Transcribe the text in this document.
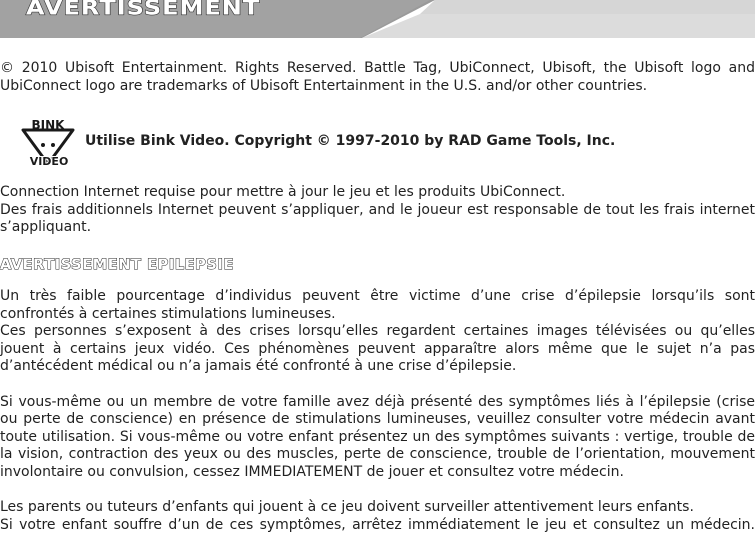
AVERTISSEMENT

© 2010 Ubisoft Entertainment. Rights Reserved. Battle Tag, UbiConnect, Ubisoft, the Ubisoft logo and UbiConnect logo are trademarks of Ubisoft Entertainment in the U.S. and/or other countries.

BINK
VIDEO
Utilise Bink Video. Copyright © 1997-2010 by RAD Game Tools, Inc.

Connection Internet requise pour mettre à jour le jeu et les produits UbiConnect.

Des frais additionnels Internet peuvent s’appliquer, and le joueur est responsable de tout les frais internet s’appliquant.

AVERTISSEMENT EPILEPSIE

Un très faible pourcentage d’individus peuvent être victime d’une crise d’épilepsie lorsqu’ils sont confrontés à certaines stimulations lumineuses.

Ces personnes s’exposent à des crises lorsqu’elles regardent certaines images télévisées ou qu’elles jouent à certains jeux vidéo. Ces phénomènes peuvent apparaître alors même que le sujet n’a pas d’antécédent médical ou n’a jamais été confronté à une crise d’épilepsie.

Si vous-même ou un membre de votre famille avez déjà présenté des symptômes liés à l’épilepsie (crise ou perte de conscience) en présence de stimulations lumineuses, veuillez consulter votre médecin avant toute utilisation. Si vous-même ou votre enfant présentez un des symptômes suivants : vertige, trouble de la vision, contraction des yeux ou des muscles, perte de conscience, trouble de l’orientation, mouvement involontaire ou convulsion, cessez IMMEDIATEMENT de jouer et consultez votre médecin.

Les parents ou tuteurs d’enfants qui jouent à ce jeu doivent surveiller attentivement leurs enfants.

Si votre enfant souffre d’un de ces symptômes, arrêtez immédiatement le jeu et consultez un médecin.
